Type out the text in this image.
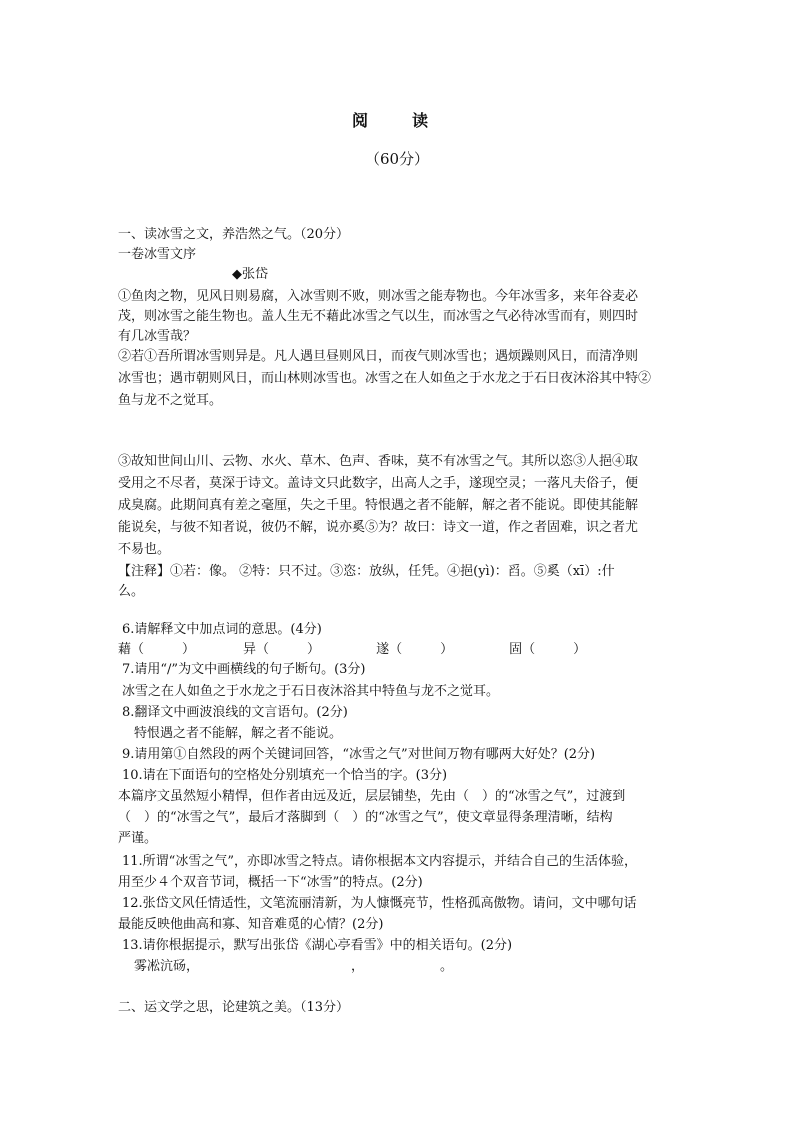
阅　读
（60分）
一、读冰雪之文，养浩然之气。（20分）
一卷冰雪文序
◆张岱
①鱼肉之物，见风日则易腐，入冰雪则不败，则冰雪之能寿物也。今年冰雪多，来年谷麦必
茂，则冰雪之能生物也。盖人生无不藉此冰雪之气以生，而冰雪之气必待冰雪而有，则四时
有几冰雪哉？
②若①吾所谓冰雪则异是。凡人遇旦昼则风日，而夜气则冰雪也；遇烦躁则风日，而清净则
冰雪也；遇市朝则风日，而山林则冰雪也。冰雪之在人如鱼之于水龙之于石日夜沐浴其中特②
鱼与龙不之觉耳。
③故知世间山川、云物、水火、草木、色声、香味，莫不有冰雪之气。其所以恣③人挹④取
受用之不尽者，莫深于诗文。盖诗文只此数字，出高人之手，遂现空灵；一落凡夫俗子，便
成臭腐。此期间真有差之毫厘，失之千里。特恨遇之者不能解，解之者不能说。即使其能解
能说矣，与彼不知者说，彼仍不解，说亦奚⑤为？故曰：诗文一道，作之者固难，识之者尤
不易也。
【注释】①若：像。 ②特：只不过。③恣：放纵，任凭。④挹(yì)：舀。⑤奚（xī）:什
么。
6.请解释文中加点词的意思。(4分)
藉（	）	异（	）	遂（	）	固（	）
7.请用“/”为文中画横线的句子断句。(3分)
冰雪之在人如鱼之于水龙之于石日夜沐浴其中特鱼与龙不之觉耳。
8.翻译文中画波浪线的文言语句。(2分)
特恨遇之者不能解，解之者不能说。
9.请用第①自然段的两个关键词回答，“冰雪之气”对世间万物有哪两大好处？(2分)
10.请在下面语句的空格处分别填充一个恰当的字。(3分)
本篇序文虽然短小精悍，但作者由远及近，层层铺垫，先由（　）的“冰雪之气”，过渡到
（　）的“冰雪之气”，最后才落脚到（　）的“冰雪之气”，使文章显得条理清晰，结构
严谨。
11.所谓“冰雪之气”，亦即冰雪之特点。请你根据本文内容提示，并结合自己的生活体验，
用至少４个双音节词，概括一下“冰雪”的特点。(2分)
12.张岱文风任情适性，文笔流丽清新，为人慷慨亮节，性格孤高傲物。请问，文中哪句话
最能反映他曲高和寡、知音难觅的心情？(2分)
13.请你根据提示，默写出张岱《湖心亭看雪》中的相关语句。(2分)
雾凇沆砀，	，	。
二、运文学之思，论建筑之美。（13分）
